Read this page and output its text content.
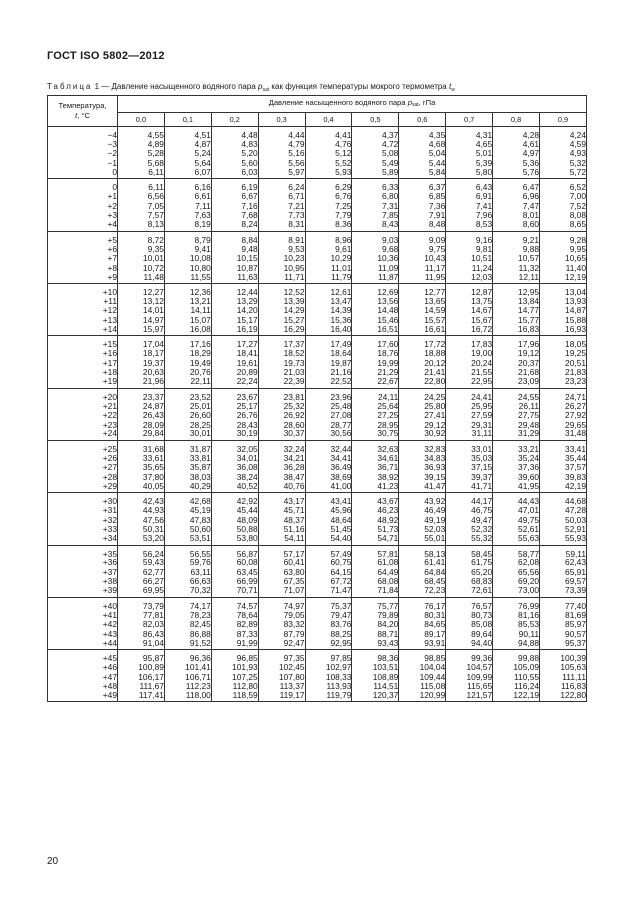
ГОСТ ISO 5802—2012
Таблица 1 — Давление насыщенного водяного пара $p_{sat}$ как функция температуры мокрого термометра $t_w$
Температура,
t, °C	Давление насыщенного водяного пара $p_{sat}$, гПа									
	0,0	0,1	0,2	0,3	0,4	0,5	0,6	0,7	0,8	0,9
−4	4,55	4,51	4,48	4,44	4,41	4,37	4,35	4,31	4,28	4,24
−3	4,89	4,87	4,83	4,79	4,76	4,72	4,68	4,65	4,61	4,59
−2	5,28	5,24	5,20	5,16	5,12	5,08	5,04	5,01	4,97	4,93
−1	5,68	5,64	5,60	5,56	5,52	5,49	5,44	5,39	5,36	5,32
0	6,11	6,07	6,03	5,97	5,93	5,89	5,84	5,80	5,76	5,72
0	6,11	6,16	6,19	6,24	6,29	6,33	6,37	6,43	6,47	6,52
+1	6,56	6,61	6,67	6,71	6,76	6,80	6,85	6,91	6,96	7,00
+2	7,05	7,11	7,16	7,21	7,25	7,31	7,36	7,41	7,47	7,52
+3	7,57	7,63	7,68	7,73	7,79	7,85	7,91	7,96	8,01	8,08
+4	8,13	8,19	8,24	8,31	8,36	8,43	8,48	8,53	8,60	8,65
+5	8,72	8,79	8,84	8,91	8,96	9,03	9,09	9,16	9,21	9,28
+6	9,35	9,41	9,48	9,53	9,61	9,68	9,75	9,81	9,88	9,95
+7	10,01	10,08	10,15	10,23	10,29	10,36	10,43	10,51	10,57	10,65
+8	10,72	10,80	10,87	10,95	11,01	11,09	11,17	11,24	11,32	11,40
+9	11,48	11,55	11,63	11,71	11,79	11,87	11,95	12,03	12,11	12,19
+10	12,27	12,36	12,44	12,52	12,61	12,69	12,77	12,87	12,95	13,04
+11	13,12	13,21	13,29	13,39	13,47	13,56	13,65	13,75	13,84	13,93
+12	14,01	14,11	14,20	14,29	14,39	14,48	14,59	14,67	14,77	14,87
+13	14,97	15,07	15,17	15,27	15,36	15,46	15,57	15,67	15,77	15,88
+14	15,97	16,08	16,19	16,29	16,40	16,51	16,61	16,72	16,83	16,93
+15	17,04	17,16	17,27	17,37	17,49	17,60	17,72	17,83	17,96	18,05
+16	18,17	18,29	18,41	18,52	18,64	18,76	18,88	19,00	19,12	19,25
+17	19,37	19,49	19,61	19,73	19,87	19,99	20,12	20,24	20,37	20,51
+18	20,63	20,76	20,89	21,03	21,16	21,29	21,41	21,55	21,68	21,83
+19	21,96	22,11	22,24	22,39	22,52	22,67	22,80	22,95	23,09	23,23
+20	23,37	23,52	23,67	23,81	23,96	24,11	24,25	24,41	24,55	24,71
+21	24,87	25,01	25,17	25,32	25,48	25,64	25,80	25,95	26,11	26,27
+22	26,43	26,60	26,76	26,92	27,08	27,25	27,41	27,59	27,75	27,92
+23	28,09	28,25	28,43	28,60	28,77	28,95	29,12	29,31	29,48	29,65
+24	29,84	30,01	30,19	30,37	30,56	30,75	30,92	31,11	31,29	31,48
+25	31,68	31,87	32,05	32,24	32,44	32,63	32,83	33,01	33,21	33,41
+26	33,61	33,81	34,01	34,21	34,41	34,61	34,83	35,03	35,24	35,44
+27	35,65	35,87	36,08	36,28	36,49	36,71	36,93	37,15	37,36	37,57
+28	37,80	38,03	38,24	38,47	38,69	38,92	39,15	39,37	39,60	39,83
+29	40,05	40,29	40,52	40,76	41,00	41,23	41,47	41,71	41,95	42,19
+30	42,43	42,68	42,92	43,17	43,41	43,67	43,92	44,17	44,43	44,68
+31	44,93	45,19	45,44	45,71	45,96	46,23	46,49	46,75	47,01	47,28
+32	47,56	47,83	48,09	48,37	48,64	48,92	49,19	49,47	49,75	50,03
+33	50,31	50,60	50,88	51,16	51,45	51,73	52,03	52,32	52,61	52,91
+34	53,20	53,51	53,80	54,11	54,40	54,71	55,01	55,32	55,63	55,93
+35	56,24	56,55	56,87	57,17	57,49	57,81	58,13	58,45	58,77	59,11
+36	59,43	59,76	60,08	60,41	60,75	61,08	61,41	61,75	62,08	62,43
+37	62,77	63,11	63,45	63,80	64,15	64,49	64,84	65,20	65,56	65,91
+38	66,27	66,63	66,99	67,35	67,72	68,08	68,45	68,83	69,20	69,57
+39	69,95	70,32	70,71	71,07	71,47	71,84	72,23	72,61	73,00	73,39
+40	73,79	74,17	74,57	74,97	75,37	75,77	76,17	76,57	76,99	77,40
+41	77,81	78,23	78,64	79,05	79,47	79,89	80,31	80,73	81,16	81,69
+42	82,03	82,45	82,89	83,32	83,76	84,20	84,65	85,08	85,53	85,97
+43	86,43	86,88	87,33	87,79	88,25	88,71	89,17	89,64	90,11	90,57
+44	91,04	91,52	91,99	92,47	92,95	93,43	93,91	94,40	94,88	95,37
+45	95,87	96,36	96,85	97,35	97,85	98,36	98,85	99,36	99,88	100,39
+46	100,89	101,41	101,93	102,45	102,97	103,51	104,04	104,57	105,09	105,63
+47	106,17	106,71	107,25	107,80	108,33	108,89	109,44	109,99	110,55	111,11
+48	111,67	112,23	112,80	113,37	113,93	114,51	115,08	115,65	116,24	116,83
+49	117,41	118,00	118,59	119,17	119,79	120,37	120,99	121,57	122,19	122,80
20
